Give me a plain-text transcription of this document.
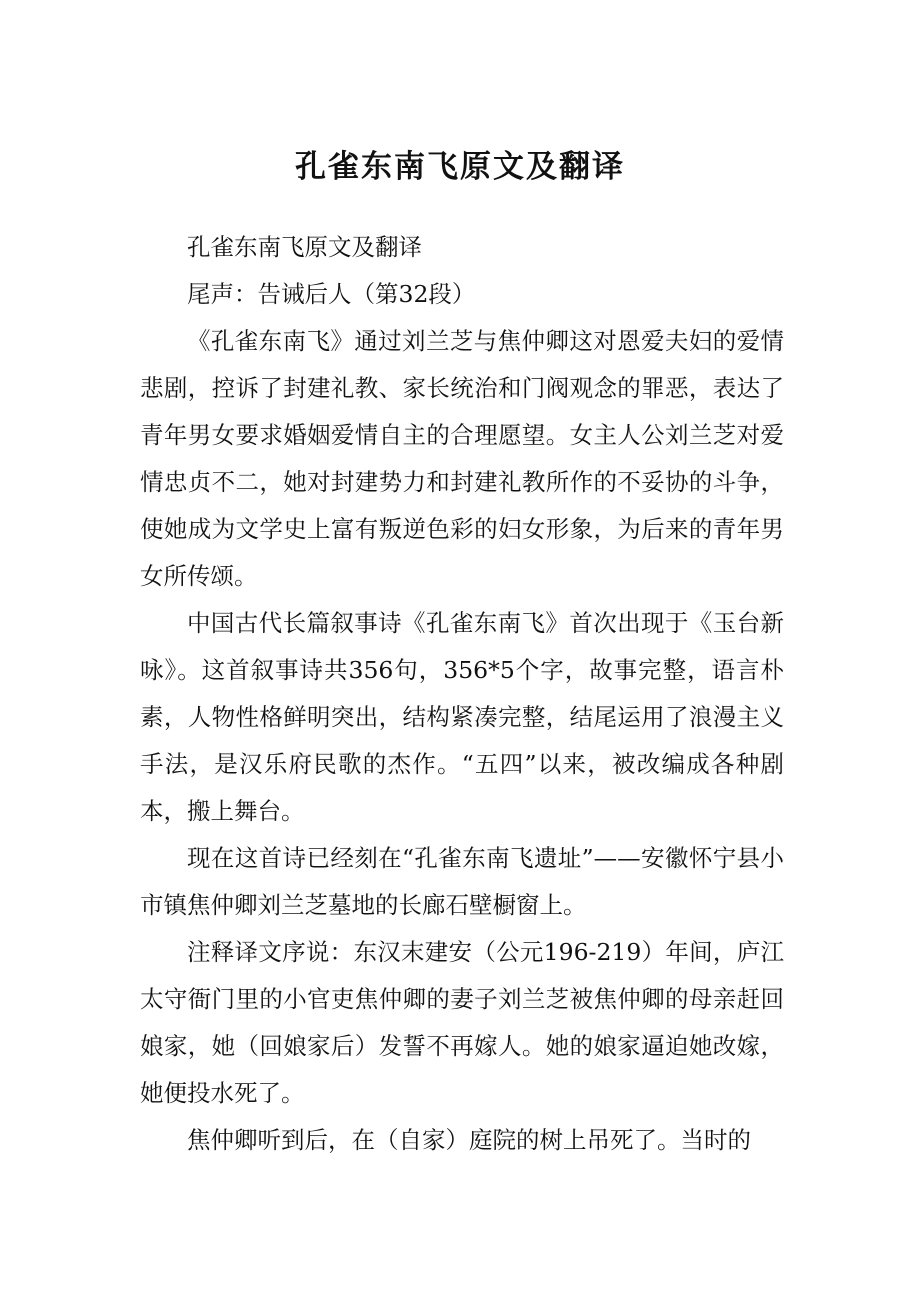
孔雀东南飞原文及翻译

孔雀东南飞原文及翻译

尾声：告诫后人（第32段）

《孔雀东南飞》通过刘兰芝与焦仲卿这对恩爱夫妇的爱情悲剧，控诉了封建礼教、家长统治和门阀观念的罪恶，表达了青年男女要求婚姻爱情自主的合理愿望。女主人公刘兰芝对爱情忠贞不二，她对封建势力和封建礼教所作的不妥协的斗争，使她成为文学史上富有叛逆色彩的妇女形象，为后来的青年男女所传颂。

中国古代长篇叙事诗《孔雀东南飞》首次出现于《玉台新咏》。这首叙事诗共356句，356*5个字，故事完整，语言朴素，人物性格鲜明突出，结构紧凑完整，结尾运用了浪漫主义手法，是汉乐府民歌的杰作。“五四”以来，被改编成各种剧本，搬上舞台。

现在这首诗已经刻在“孔雀东南飞遗址”——安徽怀宁县小市镇焦仲卿刘兰芝墓地的长廊石壁橱窗上。

注释译文序说：东汉末建安（公元196-219）年间，庐江太守衙门里的小官吏焦仲卿的妻子刘兰芝被焦仲卿的母亲赶回娘家，她（回娘家后）发誓不再嫁人。她的娘家逼迫她改嫁，她便投水死了。

焦仲卿听到后，在（自家）庭院的树上吊死了。当时的
